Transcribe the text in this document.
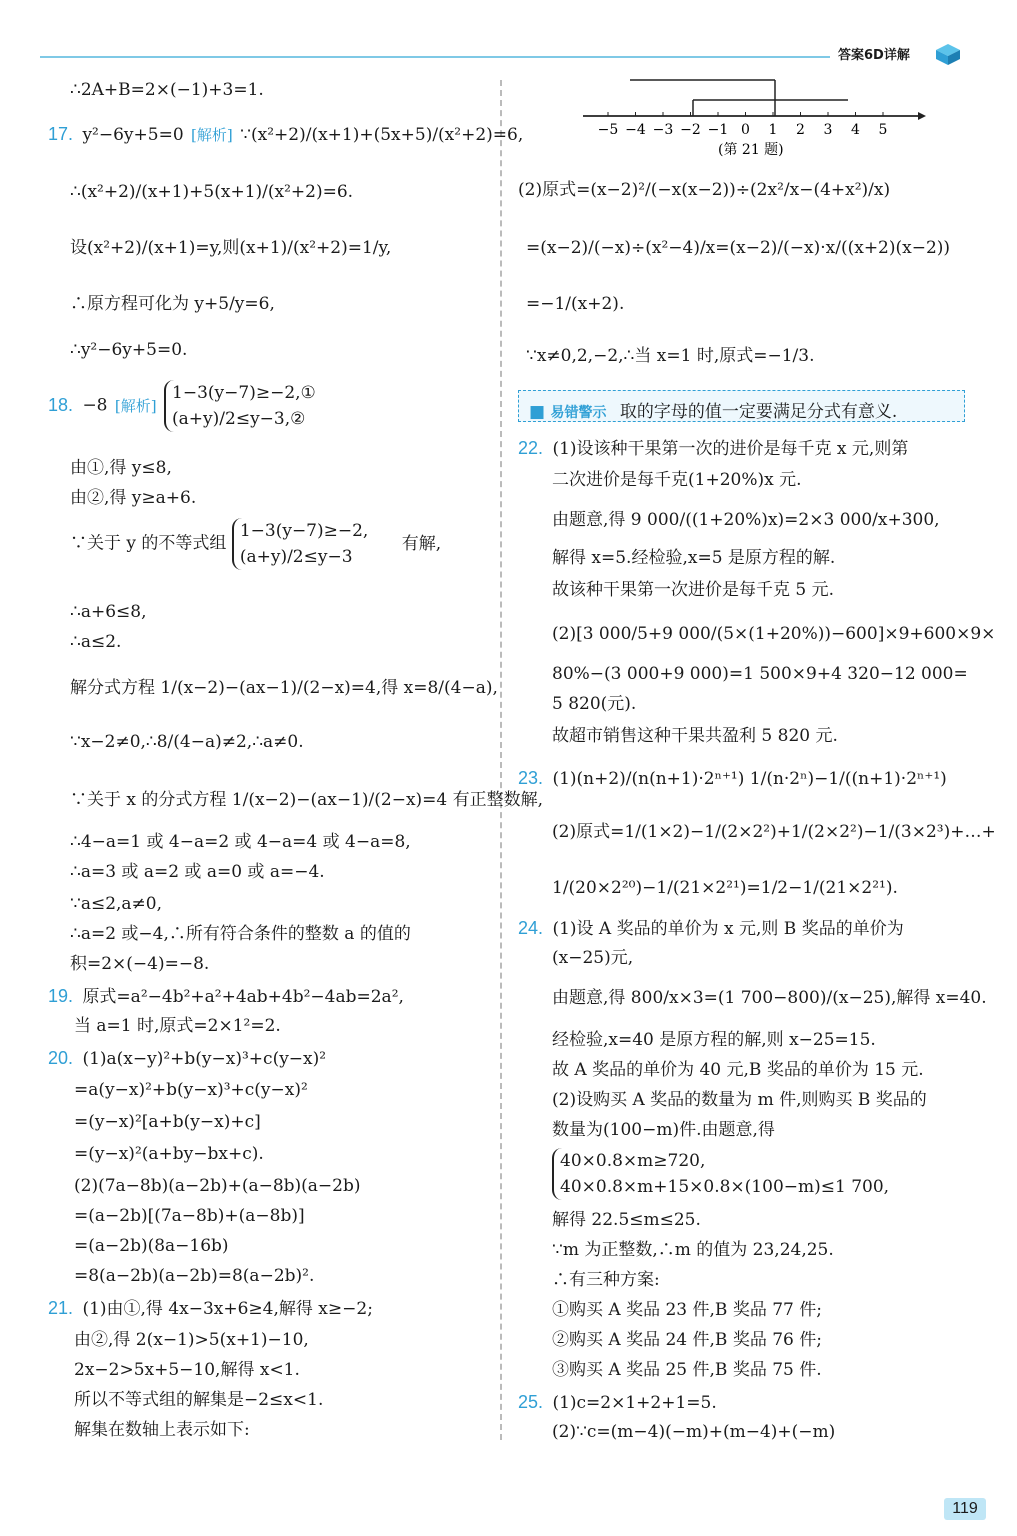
答案6D详解
∴2A+B=2×(−1)+3=1.
17. y²−6y+5=0 [解析] ∵(x²+2)/(x+1)+(5x+5)/(x²+2)=6,
∴(x²+2)/(x+1)+5(x+1)/(x²+2)=6.
设(x²+2)/(x+1)=y,则(x+1)/(x²+2)=1/y,
∴原方程可化为 y+5/y=6,
∴y²−6y+5=0.
18. −8 [解析]
1−3(y−7)≥−2,①
(a+y)/2≤y−3,②
由①,得 y≤8,
由②,得 y≥a+6.
∵关于 y 的不等式组
1−3(y−7)≥−2,
(a+y)/2≤y−3
有解,
∴a+6≤8,
∴a≤2.
解分式方程 1/(x−2)−(ax−1)/(2−x)=4,得 x=8/(4−a),
∵x−2≠0,∴8/(4−a)≠2,∴a≠0.
∵关于 x 的分式方程 1/(x−2)−(ax−1)/(2−x)=4 有正整数解,
∴4−a=1 或 4−a=2 或 4−a=4 或 4−a=8,
∴a=3 或 a=2 或 a=0 或 a=−4.
∵a≤2,a≠0,
∴a=2 或−4,∴所有符合条件的整数 a 的值的
积=2×(−4)=−8.
19. 原式=a²−4b²+a²+4ab+4b²−4ab=2a²,
当 a=1 时,原式=2×1²=2.
20. (1)a(x−y)²+b(y−x)³+c(y−x)²
=a(y−x)²+b(y−x)³+c(y−x)²
=(y−x)²[a+b(y−x)+c]
=(y−x)²(a+by−bx+c).
(2)(7a−8b)(a−2b)+(a−8b)(a−2b)
=(a−2b)[(7a−8b)+(a−8b)]
=(a−2b)(8a−16b)
=8(a−2b)(a−2b)=8(a−2b)².
21. (1)由①,得 4x−3x+6≥4,解得 x≥−2;
由②,得 2(x−1)>5(x+1)−10,
2x−2>5x+5−10,解得 x<1.
所以不等式组的解集是−2≤x<1.
解集在数轴上表示如下:
−5 −4 −3 −2 −1 0 1 2 3 4 5
(第 21 题)
(2)原式=(x−2)²/(−x(x−2))÷(2x²/x−(4+x²)/x)
=(x−2)/(−x)÷(x²−4)/x=(x−2)/(−x)·x/((x+2)(x−2))
=−1/(x+2).
∵x≠0,2,−2,∴当 x=1 时,原式=−1/3.
■ 易错警示 取的字母的值一定要满足分式有意义.
22. (1)设该种干果第一次的进价是每千克 x 元,则第
二次进价是每千克(1+20%)x 元.
由题意,得 9 000/((1+20%)x)=2×3 000/x+300,
解得 x=5.经检验,x=5 是原方程的解.
故该种干果第一次进价是每千克 5 元.
(2)[3 000/5+9 000/(5×(1+20%))−600]×9+600×9×
80%−(3 000+9 000)=1 500×9+4 320−12 000=
5 820(元).
故超市销售这种干果共盈利 5 820 元.
23. (1)(n+2)/(n(n+1)·2ⁿ⁺¹) 1/(n·2ⁿ)−1/((n+1)·2ⁿ⁺¹)
(2)原式=1/(1×2)−1/(2×2²)+1/(2×2²)−1/(3×2³)+…+
1/(20×2²⁰)−1/(21×2²¹)=1/2−1/(21×2²¹).
24. (1)设 A 奖品的单价为 x 元,则 B 奖品的单价为
(x−25)元,
由题意,得 800/x×3=(1 700−800)/(x−25),解得 x=40.
经检验,x=40 是原方程的解,则 x−25=15.
故 A 奖品的单价为 40 元,B 奖品的单价为 15 元.
(2)设购买 A 奖品的数量为 m 件,则购买 B 奖品的
数量为(100−m)件.由题意,得
40×0.8×m≥720,
40×0.8×m+15×0.8×(100−m)≤1 700,
解得 22.5≤m≤25.
∵m 为正整数,∴m 的值为 23,24,25.
∴有三种方案:
①购买 A 奖品 23 件,B 奖品 77 件;
②购买 A 奖品 24 件,B 奖品 76 件;
③购买 A 奖品 25 件,B 奖品 75 件.
25. (1)c=2×1+2+1=5.
(2)∵c=(m−4)(−m)+(m−4)+(−m)
119
